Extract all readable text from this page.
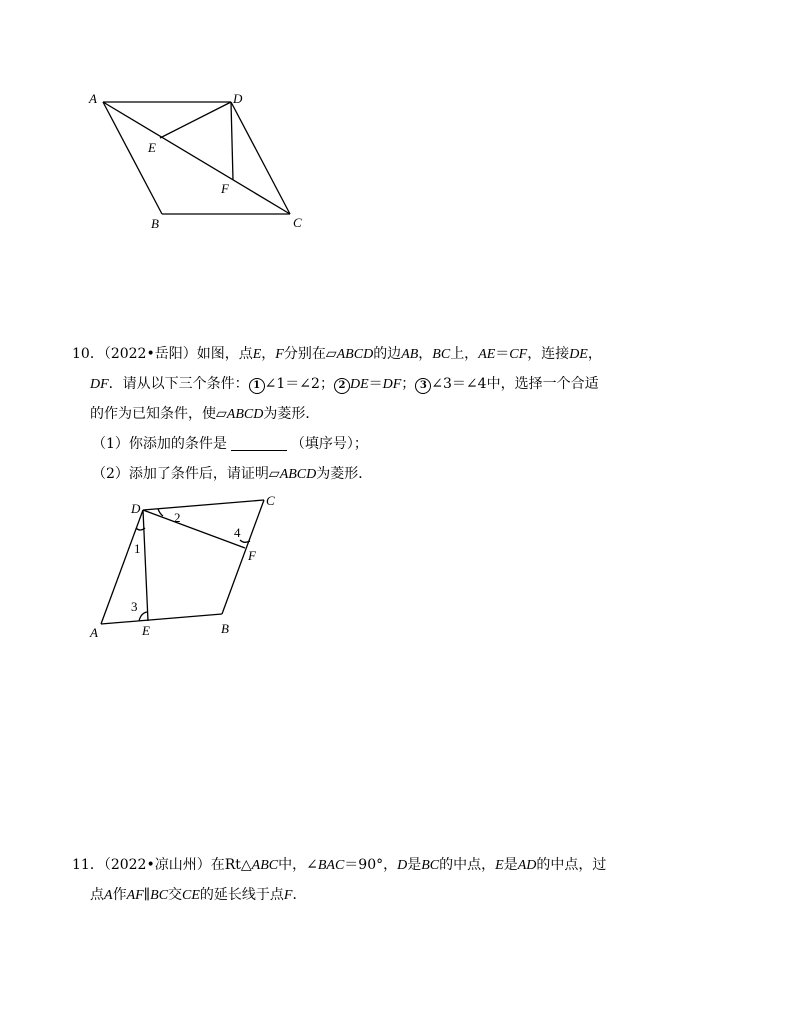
A	D
E
F
B	C
10．（2022•岳阳）如图，点E，F分别在▱ABCD的边AB，BC上，AE＝CF，连接DE，
DF．请从以下三个条件： 1 ∠1＝∠2； 2 DE＝DF； 3 ∠3＝∠4中，选择一个合适
的作为已知条件，使▱ABCD为菱形．
（1）你添加的条件是	（填序号）；
（2）添加了条件后，请证明▱ABCD为菱形．
D
C
A	E	B
F
1
2
3
4
11．（2022•凉山州）在Rt△ABC中，∠BAC＝90°，D是BC的中点，E是AD的中点，过
点A作AF∥BC交CE的延长线于点F．
